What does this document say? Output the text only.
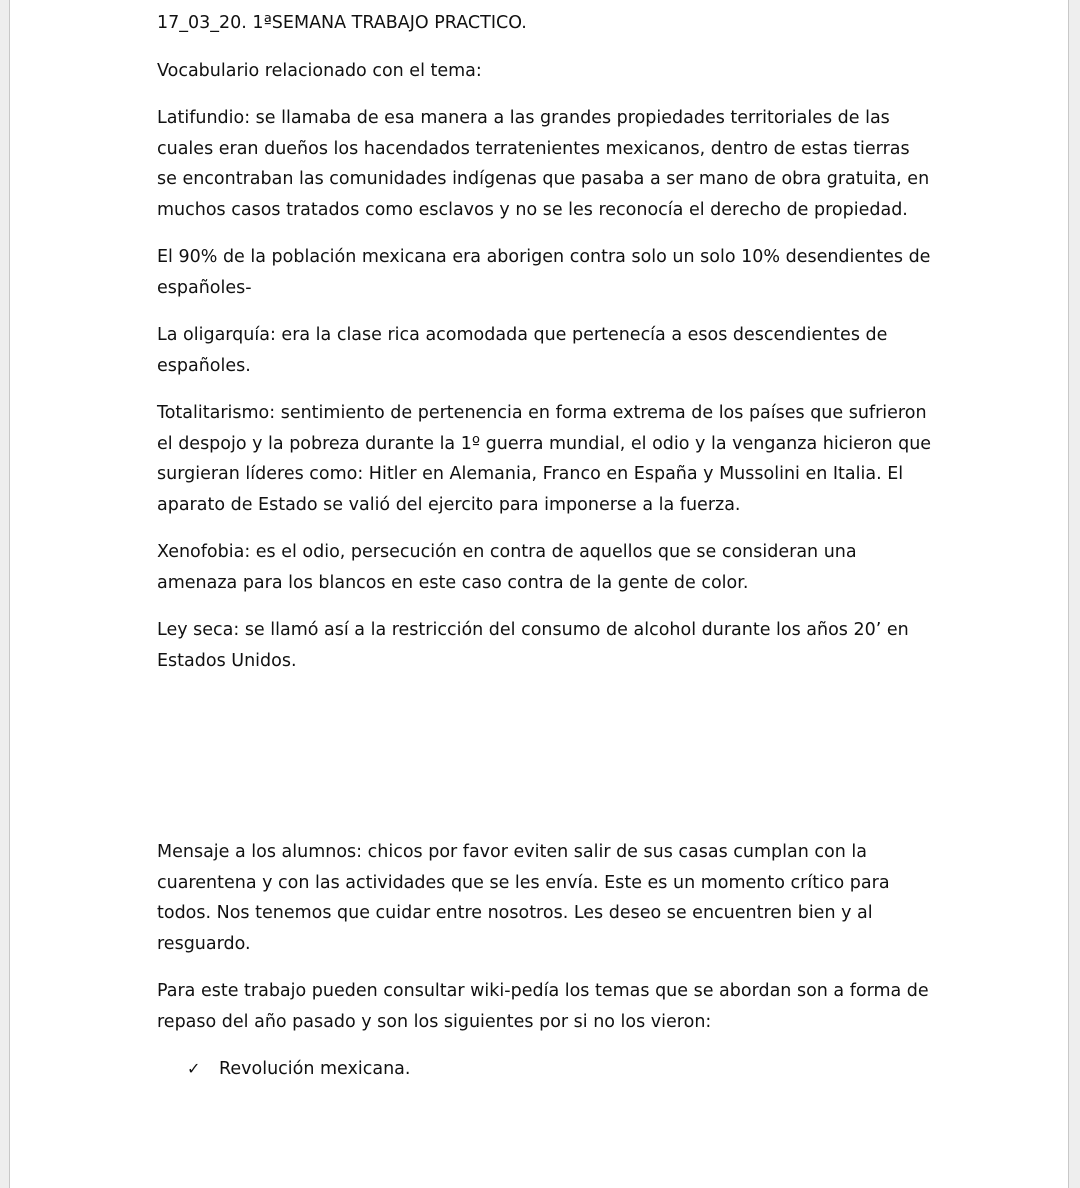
17_03_20. 1ªSEMANA TRABAJO PRACTICO.

Vocabulario relacionado con el tema:

Latifundio: se llamaba de esa manera a las grandes propiedades territoriales de las cuales eran dueños los hacendados terratenientes mexicanos, dentro de estas tierras se encontraban las comunidades indígenas que pasaba a ser mano de obra gratuita, en muchos casos tratados como esclavos y no se les reconocía el derecho de propiedad.

El 90% de la población mexicana era aborigen contra solo un solo 10% desendientes de españoles-

La oligarquía: era la clase rica acomodada que pertenecía a esos descendientes de españoles.

Totalitarismo: sentimiento de pertenencia en forma extrema de los países que sufrieron el despojo y la pobreza durante la 1º guerra mundial, el odio y la venganza hicieron que surgieran líderes como: Hitler en Alemania, Franco en España y Mussolini en Italia. El aparato de Estado se valió del ejercito para imponerse a la fuerza.

Xenofobia: es el odio, persecución en contra de aquellos que se consideran una amenaza para los blancos en este caso contra de la gente de color.

Ley seca: se llamó así a la restricción del consumo de alcohol durante los años 20’ en Estados Unidos.

Mensaje a los alumnos: chicos por favor eviten salir de sus casas cumplan con la cuarentena y con las actividades que se les envía. Este es un momento crítico para todos. Nos tenemos que cuidar entre nosotros. Les deseo se encuentren bien y al resguardo.

Para este trabajo pueden consultar wiki-pedía los temas que se abordan son a forma de repaso del año pasado y son los siguientes por si no los vieron:

✓	Revolución mexicana.
